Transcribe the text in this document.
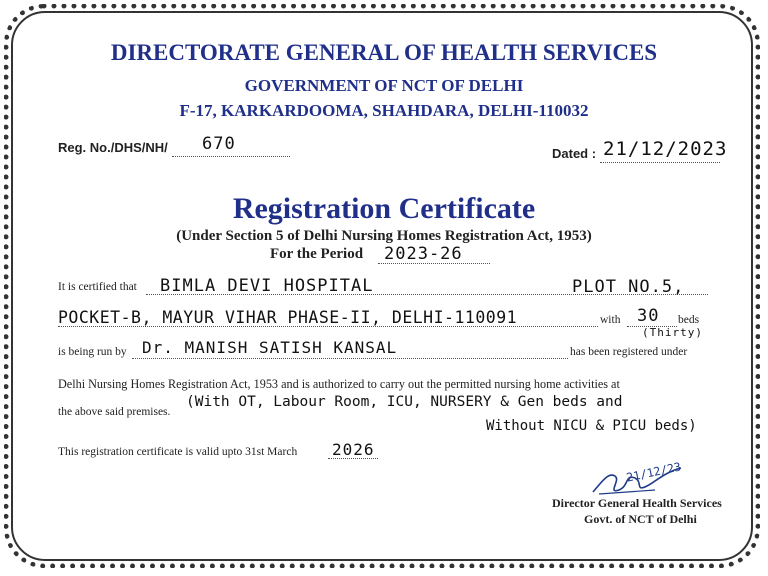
DIRECTORATE GENERAL OF HEALTH SERVICES
GOVERNMENT OF NCT OF DELHI
F-17, KARKARDOOMA, SHAHDARA, DELHI-110032
Reg. No./DHS/NH/ 670	Dated : 21/12/2023
Registration Certificate
(Under Section 5 of Delhi Nursing Homes Registration Act, 1953)
For the Period 2023-26
It is certified that BIMLA DEVI HOSPITAL	PLOT NO.5,
POCKET-B, MAYUR VIHAR PHASE-II, DELHI-110091	with 30 beds
(Thirty)
is being run by Dr. MANISH SATISH KANSAL	has been registered under
Delhi Nursing Homes Registration Act, 1953 and is authorized to carry out the permitted nursing home activities at
the above said premises.
(With OT, Labour Room, ICU, NURSERY & Gen beds and
Without NICU & PICU beds)
This registration certificate is valid upto 31st March 2026
21/12/23
Director General Health Services
Govt. of NCT of Delhi
